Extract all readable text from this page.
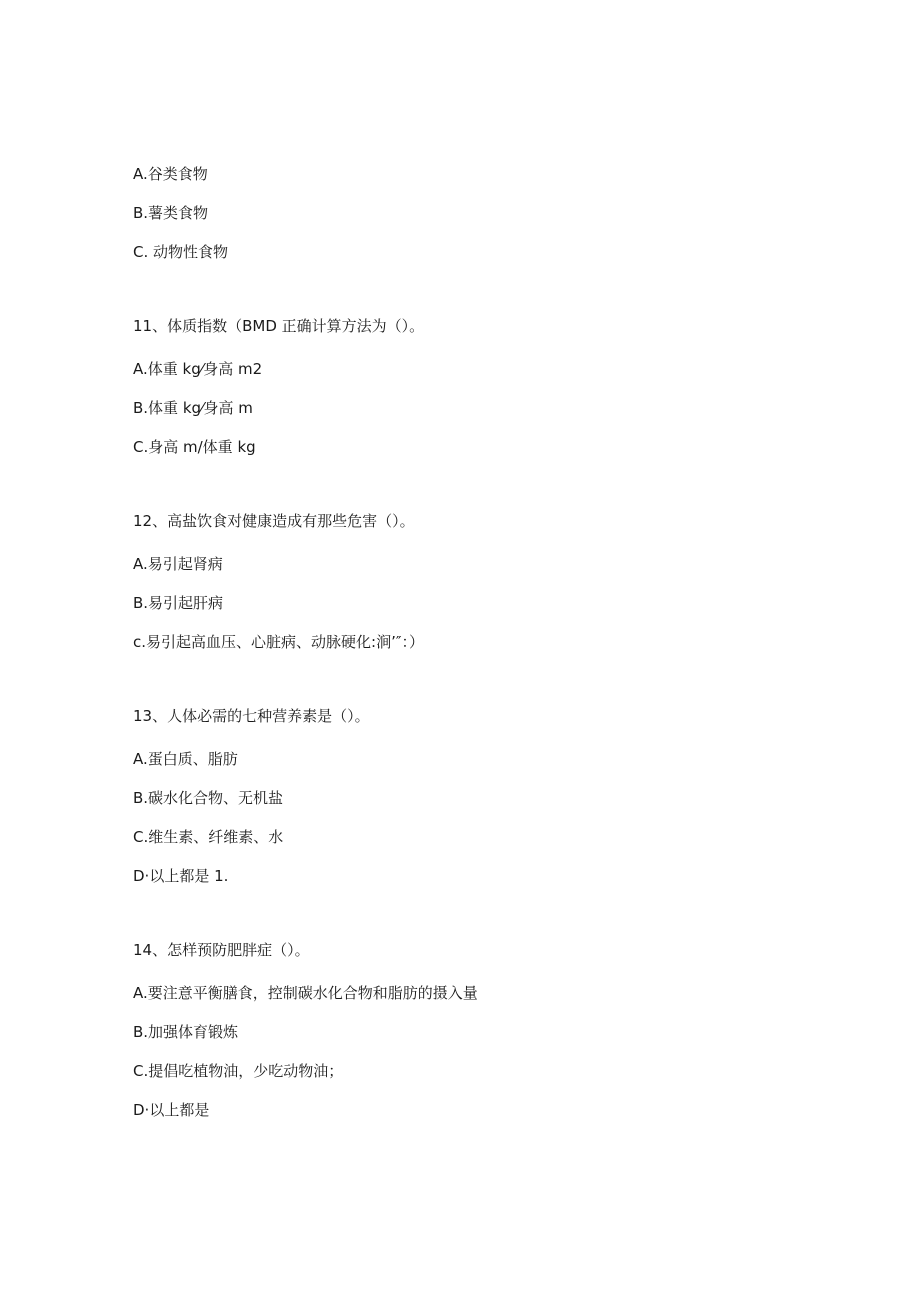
A.谷类食物
B.薯类食物
C. 动物性食物
11、体质指数（BMD 正确计算方法为（）。
A.体重 kg⁄身高 m2
B.体重 kg⁄身高 m
C.身高 m/体重 kg
12、高盐饮食对健康造成有那些危害（）。
A.易引起肾病
B.易引起肝病
c.易引起高血压、心脏病、动脉硬化:涧’″：）
13、人体必需的七种营养素是（）。
A.蛋白质、脂肪
B.碳水化合物、无机盐
C.维生素、纤维素、水
D·以上都是 1.
14、怎样预防肥胖症（）。
A.要注意平衡膳食，控制碳水化合物和脂肪的摄入量
B.加强体育锻炼
C.提倡吃植物油，少吃动物油；
D·以上都是
